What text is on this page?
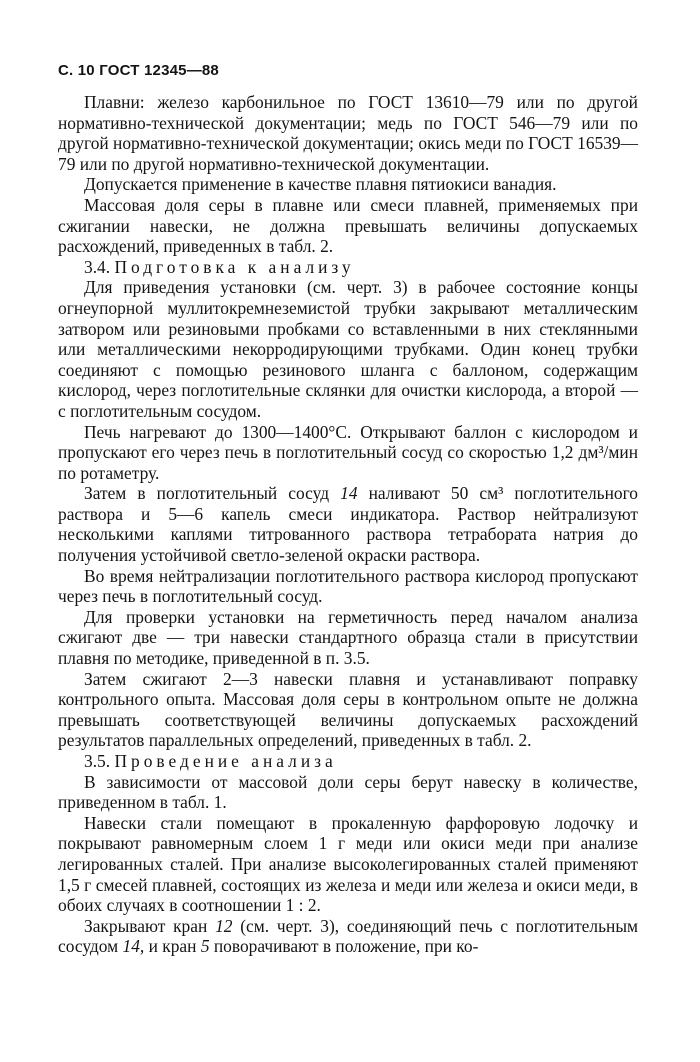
С. 10 ГОСТ 12345—88

Плавни: железо карбонильное по ГОСТ 13610—79 или по другой нормативно-технической документации; медь по ГОСТ 546—79 или по другой нормативно-технической документации; окись меди по ГОСТ 16539—79 или по другой нормативно-технической документации.

Допускается применение в качестве плавня пятиокиси ванадия.

Массовая доля серы в плавне или смеси плавней, применяемых при сжигании навески, не должна превышать величины допускаемых расхождений, приведенных в табл. 2.

3.4. Подготовка к анализу

Для приведения установки (см. черт. 3) в рабочее состояние концы огнеупорной муллитокремнеземистой трубки закрывают металлическим затвором или резиновыми пробками со вставленными в них стеклянными или металлическими некорродирующими трубками. Один конец трубки соединяют с помощью резинового шланга с баллоном, содержащим кислород, через поглотительные склянки для очистки кислорода, а второй — с поглотительным сосудом.

Печь нагревают до 1300—1400°С. Открывают баллон с кислородом и пропускают его через печь в поглотительный сосуд со скоростью 1,2 дм³/мин по ротаметру.

Затем в поглотительный сосуд 14 наливают 50 см³ поглотительного раствора и 5—6 капель смеси индикатора. Раствор нейтрализуют несколькими каплями титрованного раствора тетрабората натрия до получения устойчивой светло-зеленой окраски раствора.

Во время нейтрализации поглотительного раствора кислород пропускают через печь в поглотительный сосуд.

Для проверки установки на герметичность перед началом анализа сжигают две — три навески стандартного образца стали в присутствии плавня по методике, приведенной в п. 3.5.

Затем сжигают 2—3 навески плавня и устанавливают поправку контрольного опыта. Массовая доля серы в контрольном опыте не должна превышать соответствующей величины допускаемых расхождений результатов параллельных определений, приведенных в табл. 2.

3.5. Проведение анализа

В зависимости от массовой доли серы берут навеску в количестве, приведенном в табл. 1.

Навески стали помещают в прокаленную фарфоровую лодочку и покрывают равномерным слоем 1 г меди или окиси меди при анализе легированных сталей. При анализе высоколегированных сталей применяют 1,5 г смесей плавней, состоящих из железа и меди или железа и окиси меди, в обоих случаях в соотношении 1 : 2.

Закрывают кран 12 (см. черт. 3), соединяющий печь с поглотительным сосудом 14, и кран 5 поворачивают в положение, при ко-
